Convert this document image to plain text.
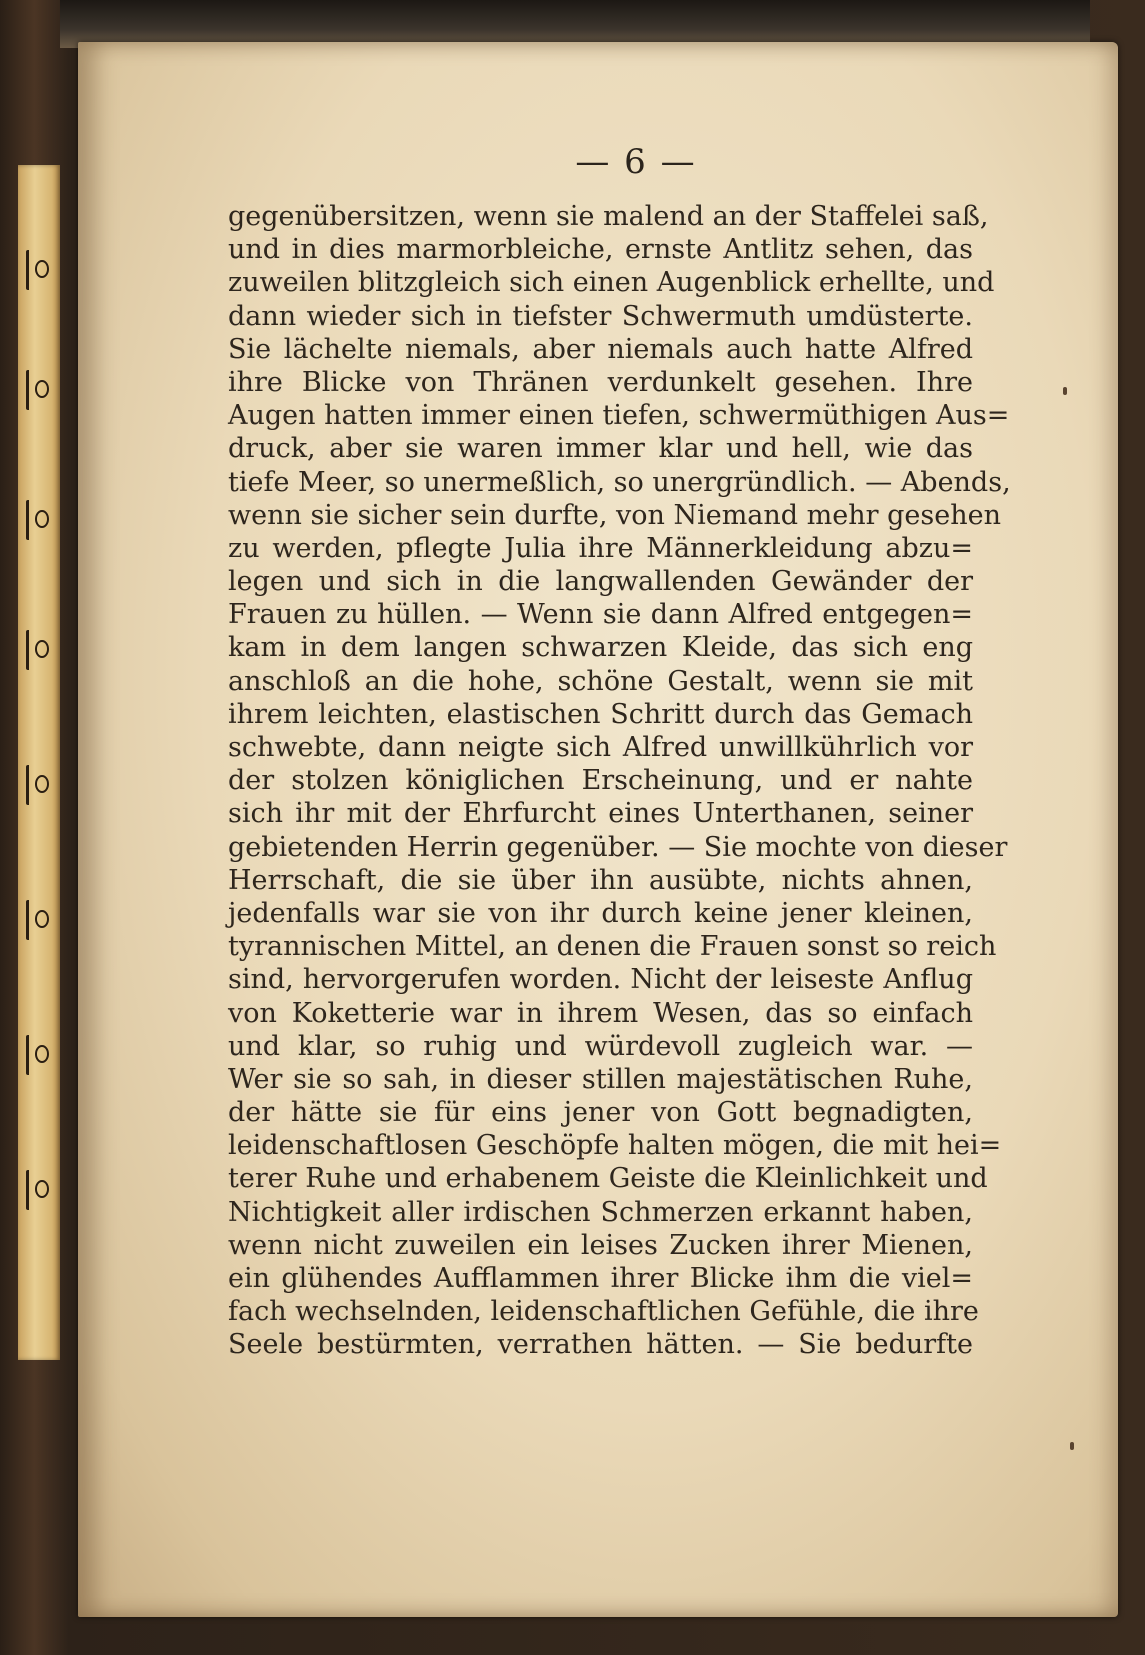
— 6 —
gegenübersitzen, wenn sie malend an der Staffelei saß,
und in dies marmorbleiche, ernste Antlitz sehen, das
zuweilen blitzgleich sich einen Augenblick erhellte, und
dann wieder sich in tiefster Schwermuth umdüsterte.
Sie lächelte niemals, aber niemals auch hatte Alfred
ihre Blicke von Thränen verdunkelt gesehen. Ihre
Augen hatten immer einen tiefen, schwermüthigen Aus=
druck, aber sie waren immer klar und hell, wie das
tiefe Meer, so unermeßlich, so unergründlich. — Abends,
wenn sie sicher sein durfte, von Niemand mehr gesehen
zu werden, pflegte Julia ihre Männerkleidung abzu=
legen und sich in die langwallenden Gewänder der
Frauen zu hüllen. — Wenn sie dann Alfred entgegen=
kam in dem langen schwarzen Kleide, das sich eng
anschloß an die hohe, schöne Gestalt, wenn sie mit
ihrem leichten, elastischen Schritt durch das Gemach
schwebte, dann neigte sich Alfred unwillkührlich vor
der stolzen königlichen Erscheinung, und er nahte
sich ihr mit der Ehrfurcht eines Unterthanen, seiner
gebietenden Herrin gegenüber. — Sie mochte von dieser
Herrschaft, die sie über ihn ausübte, nichts ahnen,
jedenfalls war sie von ihr durch keine jener kleinen,
tyrannischen Mittel, an denen die Frauen sonst so reich
sind, hervorgerufen worden. Nicht der leiseste Anflug
von Koketterie war in ihrem Wesen, das so einfach
und klar, so ruhig und würdevoll zugleich war. —
Wer sie so sah, in dieser stillen majestätischen Ruhe,
der hätte sie für eins jener von Gott begnadigten,
leidenschaftlosen Geschöpfe halten mögen, die mit hei=
terer Ruhe und erhabenem Geiste die Kleinlichkeit und
Nichtigkeit aller irdischen Schmerzen erkannt haben,
wenn nicht zuweilen ein leises Zucken ihrer Mienen,
ein glühendes Aufflammen ihrer Blicke ihm die viel=
fach wechselnden, leidenschaftlichen Gefühle, die ihre
Seele bestürmten, verrathen hätten. — Sie bedurfte
